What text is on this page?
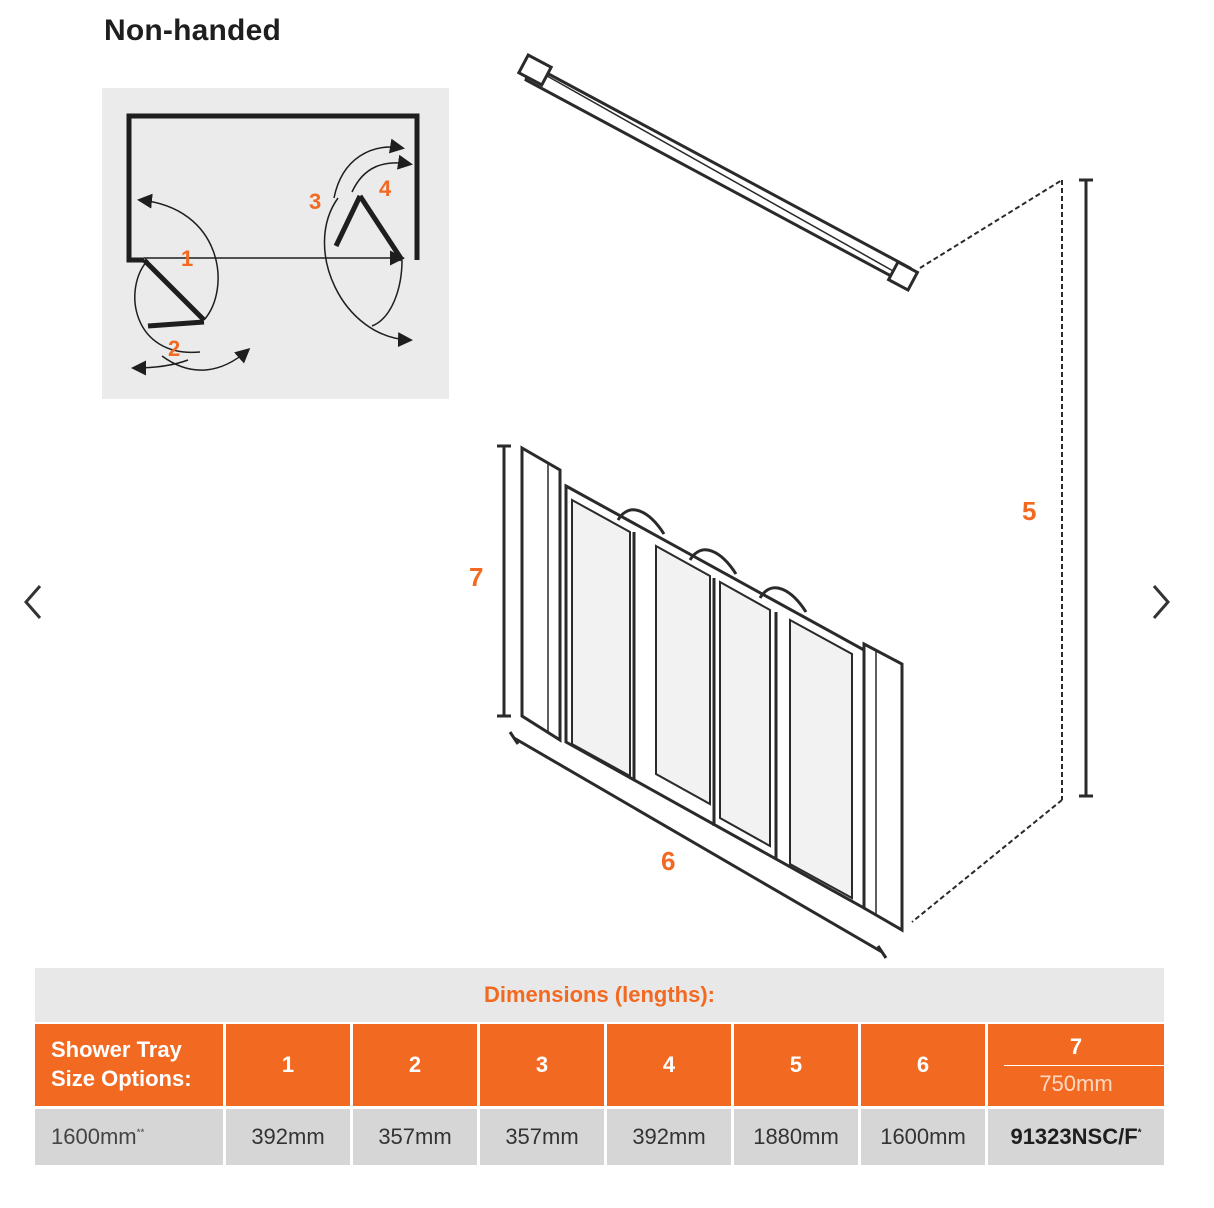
Non-handed
1
2
3
4
5
7
6
Dimensions (lengths):							
Shower Tray
Size Options:	1	2	3	4	5	6	7
750mm

1600mm**	392mm	357mm	357mm	392mm	1880mm	1600mm	91323NSC/F*
